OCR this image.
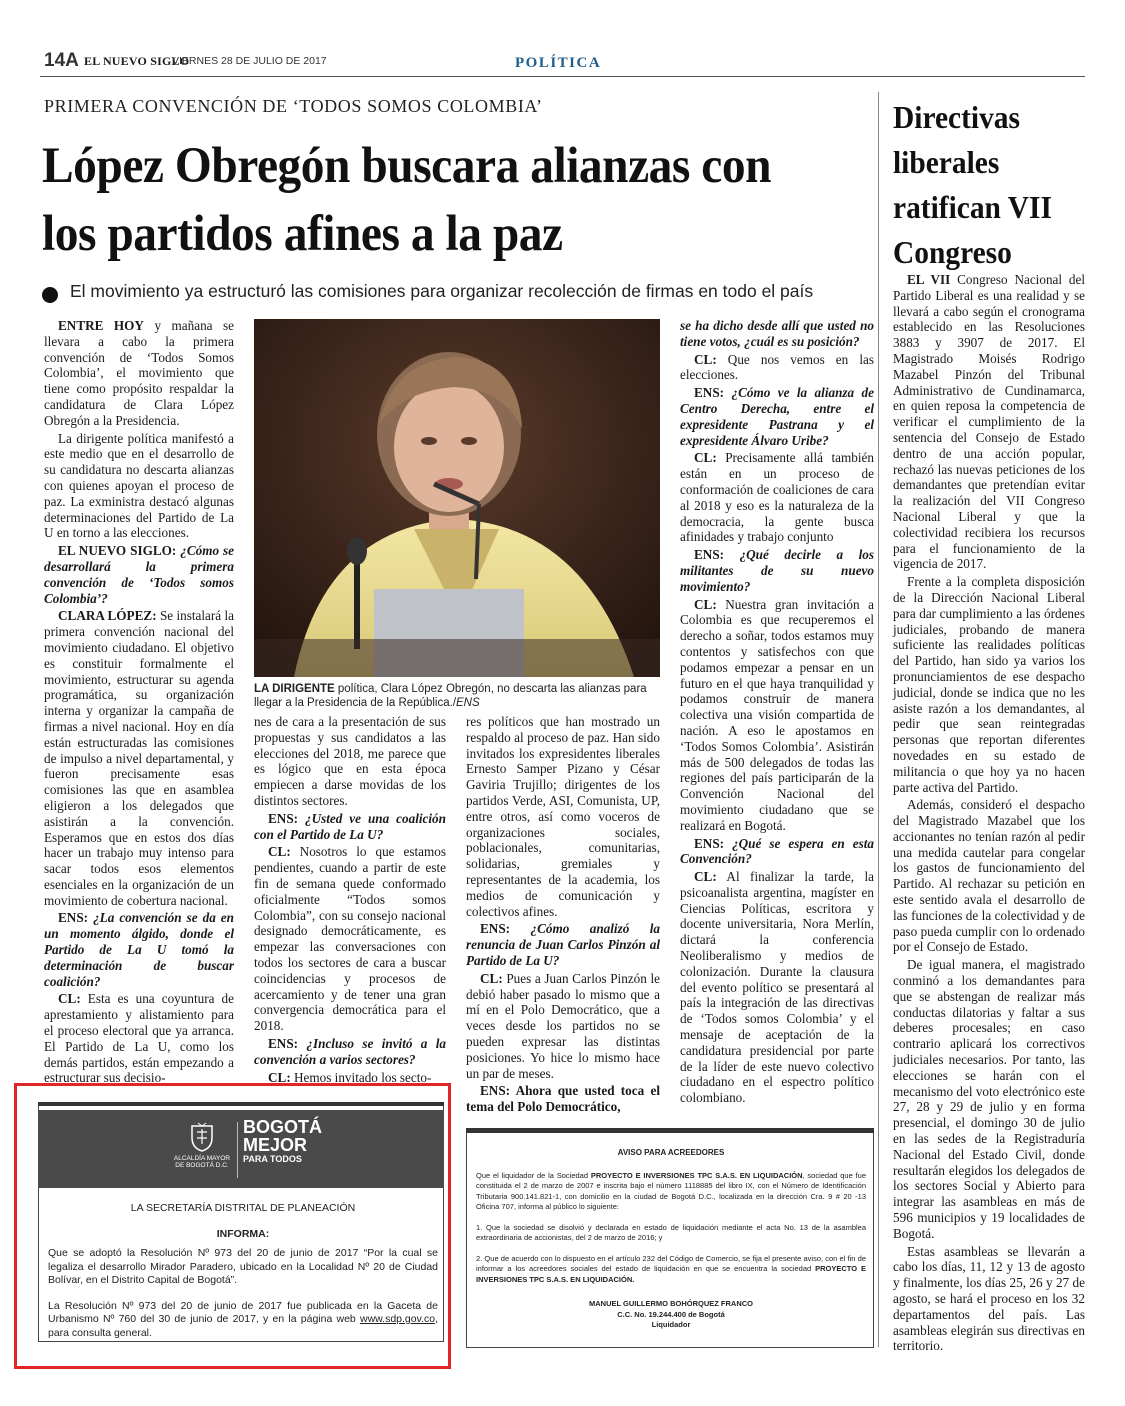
14A EL NUEVO SIGLO
VIERNES 28 DE JULIO DE 2017	POLÍTICA
PRIMERA CONVENCIÓN DE ‘TODOS SOMOS COLOMBIA’
López Obregón buscara alianzas con los partidos afines a la paz
El movimiento ya estructuró las comisiones para organizar recolección de firmas en todo el país

ENTRE HOY y mañana se llevara a cabo la primera convención de ‘Todos Somos Colombia’, el movimiento que tiene como propósito respaldar la candidatura de Clara López Obregón a la Presidencia.

La dirigente política manifestó a este medio que en el desarrollo de su candidatura no descarta alianzas con quienes apoyan el proceso de paz. La exministra destacó algunas determinaciones del Partido de La U en torno a las elecciones.

EL NUEVO SIGLO: ¿Cómo se desarrollará la primera convención de ‘Todos somos Colombia’?

CLARA LÓPEZ: Se instalará la primera convención nacional del movimiento ciudadano. El objetivo es constituir formalmente el movimiento, estructurar su agenda programática, su organización interna y organizar la campaña de firmas a nivel nacional. Hoy en día están estructuradas las comisiones de impulso a nivel departamental, y fueron precisamente esas comisiones las que en asamblea eligieron a los delegados que asistirán a la convención. Esperamos que en estos dos días hacer un trabajo muy intenso para sacar todos esos elementos esenciales en la organización de un movimiento de cobertura nacional.

ENS: ¿La convención se da en un momento álgido, donde el Partido de La U tomó la determinación de buscar coalición?

CL: Esta es una coyuntura de aprestamiento y alistamiento para el proceso electoral que ya arranca. El Partido de La U, como los demás partidos, están empezando a estructurar sus decisio-

LA DIRIGENTE política, Clara López Obregón, no descarta las alianzas para llegar a la Presidencia de la República./ENS

nes de cara a la presentación de sus propuestas y sus candidatos a las elecciones del 2018, me parece que es lógico que en esta época empiecen a darse movidas de los distintos sectores.

ENS: ¿Usted ve una coalición con el Partido de La U?

CL: Nosotros lo que estamos pendientes, cuando a partir de este fin de semana quede conformado oficialmente “Todos somos Colombia”, con su consejo nacional designado democráticamente, es empezar las conversaciones con todos los sectores de cara a buscar coincidencias y procesos de acercamiento y de tener una gran convergencia democrática para el 2018.

ENS: ¿Incluso se invitó a la convención a varios sectores?

CL: Hemos invitado los secto-

res políticos que han mostrado un respaldo al proceso de paz. Han sido invitados los expresidentes liberales Ernesto Samper Pizano y César Gaviria Trujillo; dirigentes de los partidos Verde, ASI, Comunista, UP, entre otros, así como voceros de organizaciones sociales, poblacionales, comunitarias, solidarias, gremiales y representantes de la academia, los medios de comunicación y colectivos afines.

ENS: ¿Cómo analizó la renuncia de Juan Carlos Pinzón al Partido de La U?

CL: Pues a Juan Carlos Pinzón le debió haber pasado lo mismo que a mí en el Polo Democrático, que a veces desde los partidos no se pueden expresar las distintas posiciones. Yo hice lo mismo hace un par de meses.

ENS: Ahora que usted toca el tema del Polo Democrático,

se ha dicho desde allí que usted no tiene votos, ¿cuál es su posición?

CL: Que nos vemos en las elecciones.

ENS: ¿Cómo ve la alianza de Centro Derecha, entre el expresidente Pastrana y el expresidente Álvaro Uribe?

CL: Precisamente allá también están en un proceso de conformación de coaliciones de cara al 2018 y eso es la naturaleza de la democracia, la gente busca afinidades y trabajo conjunto

ENS: ¿Qué decirle a los militantes de su nuevo movimiento?

CL: Nuestra gran invitación a Colombia es que recuperemos el derecho a soñar, todos estamos muy contentos y satisfechos con que podamos empezar a pensar en un futuro en el que haya tranquilidad y podamos construir de manera colectiva una visión compartida de nación. A eso le apostamos en ‘Todos Somos Colombia’. Asistirán más de 500 delegados de todas las regiones del país participarán de la Convención Nacional del movimiento ciudadano que se realizará en Bogotá.

ENS: ¿Qué se espera en esta Convención?

CL: Al finalizar la tarde, la psicoanalista argentina, magíster en Ciencias Políticas, escritora y docente universitaria, Nora Merlín, dictará la conferencia Neoliberalismo y medios de colonización. Durante la clausura del evento político se presentará al país la integración de las directivas de ‘Todos somos Colombia’ y el mensaje de aceptación de la candidatura presidencial por parte de la líder de este nuevo colectivo ciudadano en el espectro político colombiano.

Directivas liberales ratifican VII Congreso

EL VII Congreso Nacional del Partido Liberal es una realidad y se llevará a cabo según el cronograma establecido en las Resoluciones 3883 y 3907 de 2017. El Magistrado Moisés Rodrigo Mazabel Pinzón del Tribunal Administrativo de Cundinamarca, en quien reposa la competencia de verificar el cumplimiento de la sentencia del Consejo de Estado dentro de una acción popular, rechazó las nuevas peticiones de los demandantes que pretendían evitar la realización del VII Congreso Nacional Liberal y que la colectividad recibiera los recursos para el funcionamiento de la vigencia de 2017.

Frente a la completa disposición de la Dirección Nacional Liberal para dar cumplimiento a las órdenes judiciales, probando de manera suficiente las realidades políticas del Partido, han sido ya varios los pronunciamientos de ese despacho judicial, donde se indica que no les asiste razón a los demandantes, al pedir que sean reintegradas personas que reportan diferentes novedades en su estado de militancia o que hoy ya no hacen parte activa del Partido.

Además, consideró el despacho del Magistrado Mazabel que los accionantes no tenían razón al pedir una medida cautelar para congelar los gastos de funcionamiento del Partido. Al rechazar su petición en este sentido avala el desarrollo de las funciones de la colectividad y de paso pueda cumplir con lo ordenado por el Consejo de Estado.

De igual manera, el magistrado conminó a los demandantes para que se abstengan de realizar más conductas dilatorias y faltar a sus deberes procesales; en caso contrario aplicará los correctivos judiciales necesarios. Por tanto, las elecciones se harán con el mecanismo del voto electrónico este 27, 28 y 29 de julio y en forma presencial, el domingo 30 de julio en las sedes de la Registraduría Nacional del Estado Civil, donde resultarán elegidos los delegados de los sectores Social y Abierto para integrar las asambleas en más de 596 municipios y 19 localidades de Bogotá.

Estas asambleas se llevarán a cabo los días, 11, 12 y 13 de agosto y finalmente, los días 25, 26 y 27 de agosto, se hará el proceso en los 32 departamentos del país. Las asambleas elegirán sus directivas en territorio.

ALCALDÍA MAYOR DE BOGOTÁ D.C.
BOGOTÁ
MEJOR
PARA TODOS
LA SECRETARÍA DISTRITAL DE PLANEACIÓN
INFORMA:
Que se adoptó la Resolución Nº 973 del 20 de junio de 2017 “Por la cual se legaliza el desarrollo Mirador Paradero, ubicado en la Localidad Nº 20 de Ciudad Bolívar, en el Distrito Capital de Bogotá”.
La Resolución Nº 973 del 20 de junio de 2017 fue publicada en la Gaceta de Urbanismo Nº 760 del 30 de junio de 2017, y en la página web www.sdp.gov.co, para consulta general.
AVISO PARA ACREEDORES
Que el liquidador de la Sociedad PROYECTO E INVERSIONES TPC S.A.S. EN LIQUIDACIÓN, sociedad que fue constituida el 2 de marzo de 2007 e inscrita bajo el número 1118885 del libro IX, con el Número de Identificación Tributaria 900.141.821-1, con domicilio en la ciudad de Bogotá D.C., localizada en la dirección Cra. 9 # 20 -13 Oficina 707, informa al público lo siguiente:
1. Que la sociedad se disolvió y declarada en estado de liquidación mediante el acta No. 13 de la asamblea extraordinaria de accionistas, del 2 de marzo de 2016; y
2. Que de acuerdo con lo dispuesto en el artículo 232 del Código de Comercio, se fija el presente aviso, con el fin de informar a los acreedores sociales del estado de liquidación en que se encuentra la sociedad PROYECTO E INVERSIONES TPC S.A.S. EN LIQUIDACIÓN.
MANUEL GUILLERMO BOHÓRQUEZ FRANCO
C.C. No. 19.244.400 de Bogotá
Liquidador
